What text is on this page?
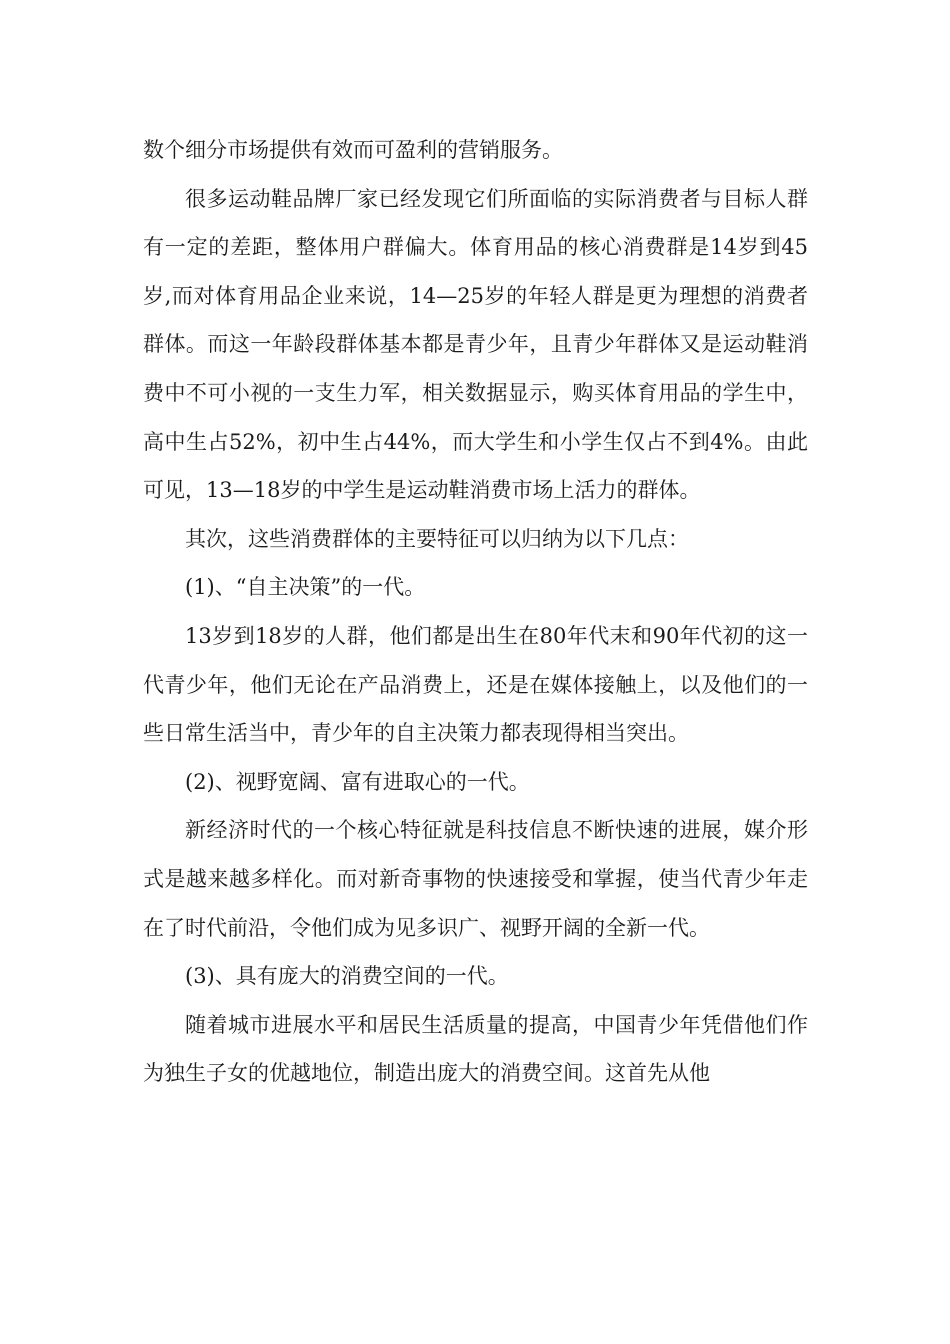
数个细分市场提供有效而可盈利的营销服务。

很多运动鞋品牌厂家已经发现它们所面临的实际消费者与目标人群有一定的差距，整体用户群偏大。体育用品的核心消费群是14岁到45岁,而对体育用品企业来说，14—25岁的年轻人群是更为理想的消费者群体。而这一年龄段群体基本都是青少年，且青少年群体又是运动鞋消费中不可小视的一支生力军，相关数据显示，购买体育用品的学生中，高中生占52%，初中生占44%，而大学生和小学生仅占不到4%。由此可见，13—18岁的中学生是运动鞋消费市场上活力的群体。

其次，这些消费群体的主要特征可以归纳为以下几点：

(1)、“自主决策”的一代。

13岁到18岁的人群，他们都是出生在80年代末和90年代初的这一代青少年，他们无论在产品消费上，还是在媒体接触上，以及他们的一些日常生活当中，青少年的自主决策力都表现得相当突出。

(2)、视野宽阔、富有进取心的一代。

新经济时代的一个核心特征就是科技信息不断快速的进展，媒介形式是越来越多样化。而对新奇事物的快速接受和掌握，使当代青少年走在了时代前沿，令他们成为见多识广、视野开阔的全新一代。

(3)、具有庞大的消费空间的一代。

随着城市进展水平和居民生活质量的提高，中国青少年凭借他们作为独生子女的优越地位，制造出庞大的消费空间。这首先从他
